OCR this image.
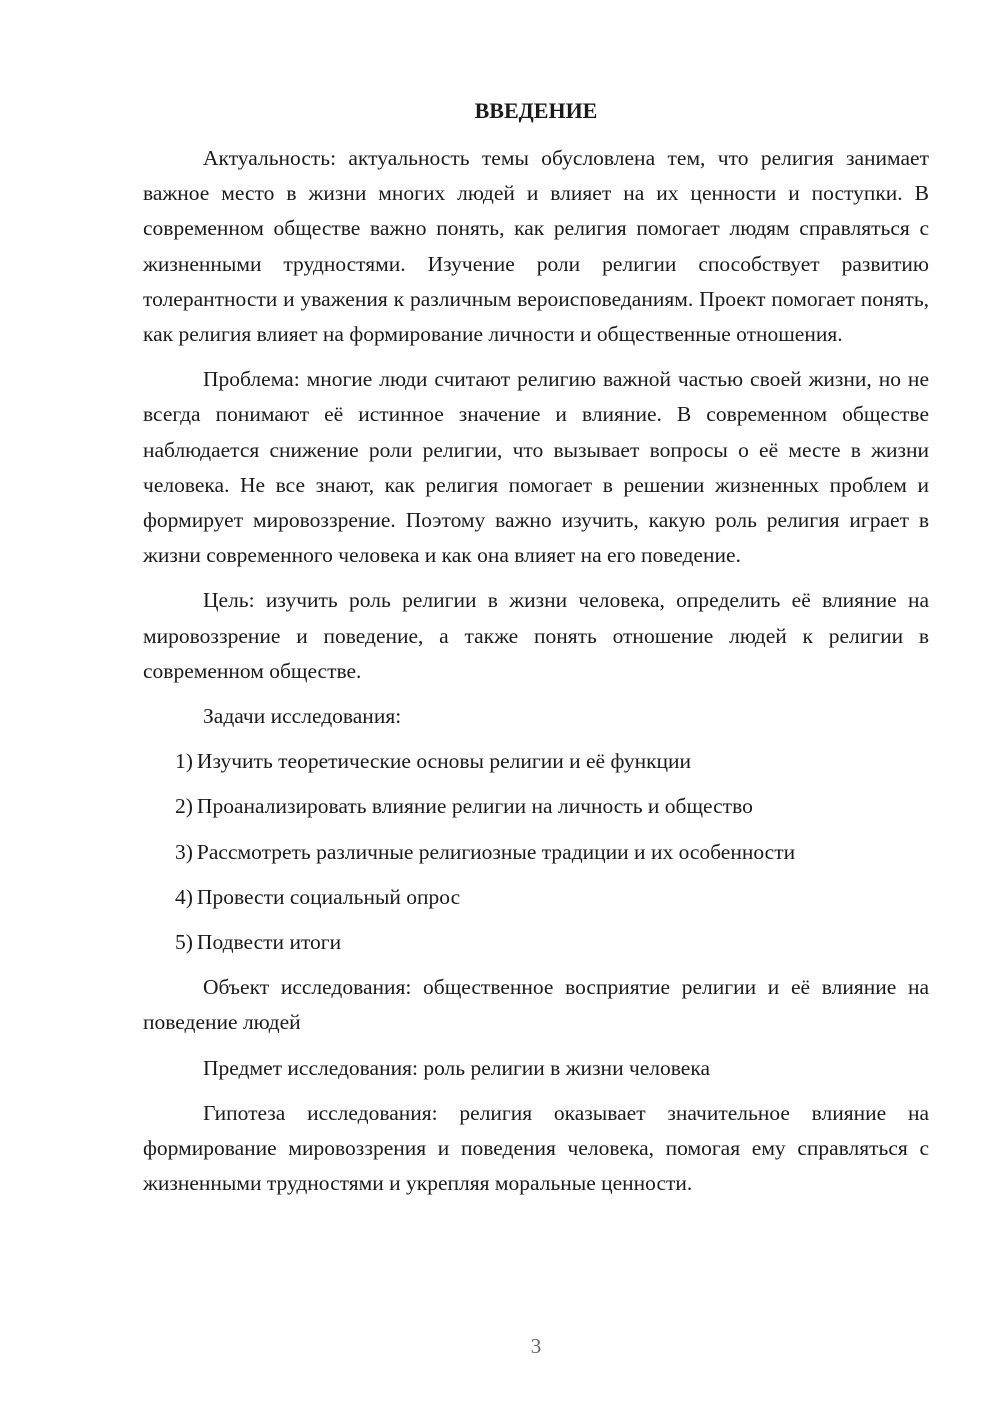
ВВЕДЕНИЕ

Актуальность: актуальность темы обусловлена тем, что религия занимает важное место в жизни многих людей и влияет на их ценности и поступки. В современном обществе важно понять, как религия помогает людям справляться с жизненными трудностями. Изучение роли религии способствует развитию толерантности и уважения к различным вероисповеданиям. Проект помогает понять, как религия влияет на формирование личности и общественные отношения.

Проблема: многие люди считают религию важной частью своей жизни, но не всегда понимают её истинное значение и влияние. В современном обществе наблюдается снижение роли религии, что вызывает вопросы о её месте в жизни человека. Не все знают, как религия помогает в решении жизненных проблем и формирует мировоззрение. Поэтому важно изучить, какую роль религия играет в жизни современного человека и как она влияет на его поведение.

Цель: изучить роль религии в жизни человека, определить её влияние на мировоззрение и поведение, а также понять отношение людей к религии в современном обществе.

Задачи исследования:

1) Изучить теоретические основы религии и её функции
2) Проанализировать влияние религии на личность и общество
3) Рассмотреть различные религиозные традиции и их особенности
4) Провести социальный опрос
5) Подвести итоги

Объект исследования: общественное восприятие религии и её влияние на поведение людей

Предмет исследования: роль религии в жизни человека

Гипотеза исследования: религия оказывает значительное влияние на формирование мировоззрения и поведения человека, помогая ему справляться с жизненными трудностями и укрепляя моральные ценности.

3
